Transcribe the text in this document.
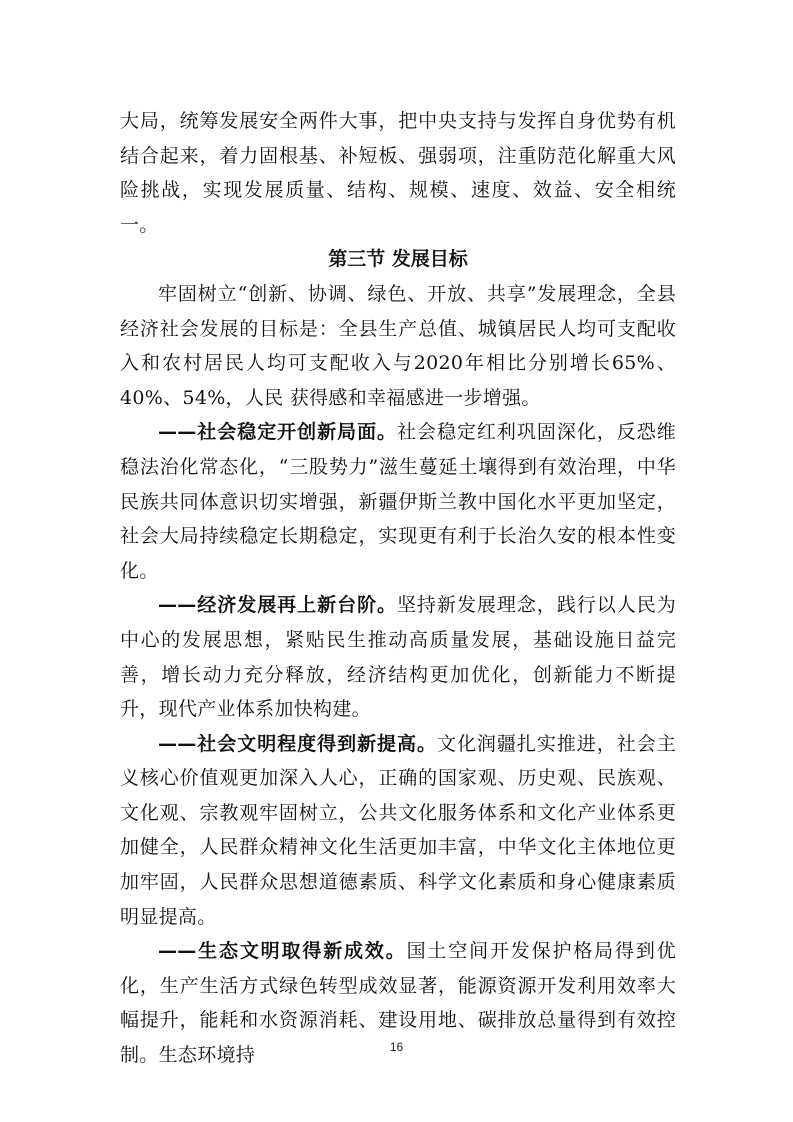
大局，统筹发展安全两件大事，把中央支持与发挥自身优势有机结合起来，着力固根基、补短板、强弱项，注重防范化解重大风险挑战，实现发展质量、结构、规模、速度、效益、安全相统一。

第三节 发展目标

牢固树立“创新、协调、绿色、开放、共享”发展理念，全县经济社会发展的目标是：全县生产总值、城镇居民人均可支配收入和农村居民人均可支配收入与2020年相比分别增长65%、40%、54%，人民 获得感和幸福感进一步增强。

——社会稳定开创新局面。社会稳定红利巩固深化，反恐维稳法治化常态化，“三股势力”滋生蔓延土壤得到有效治理，中华民族共同体意识切实增强，新疆伊斯兰教中国化水平更加坚定，社会大局持续稳定长期稳定，实现更有利于长治久安的根本性变化。

——经济发展再上新台阶。坚持新发展理念，践行以人民为中心的发展思想，紧贴民生推动高质量发展，基础设施日益完善，增长动力充分释放，经济结构更加优化，创新能力不断提升，现代产业体系加快构建。

——社会文明程度得到新提高。文化润疆扎实推进，社会主义核心价值观更加深入人心，正确的国家观、历史观、民族观、文化观、宗教观牢固树立，公共文化服务体系和文化产业体系更加健全，人民群众精神文化生活更加丰富，中华文化主体地位更加牢固，人民群众思想道德素质、科学文化素质和身心健康素质明显提高。

——生态文明取得新成效。国土空间开发保护格局得到优化，生产生活方式绿色转型成效显著，能源资源开发利用效率大幅提升，能耗和水资源消耗、建设用地、碳排放总量得到有效控制。生态环境持	16
